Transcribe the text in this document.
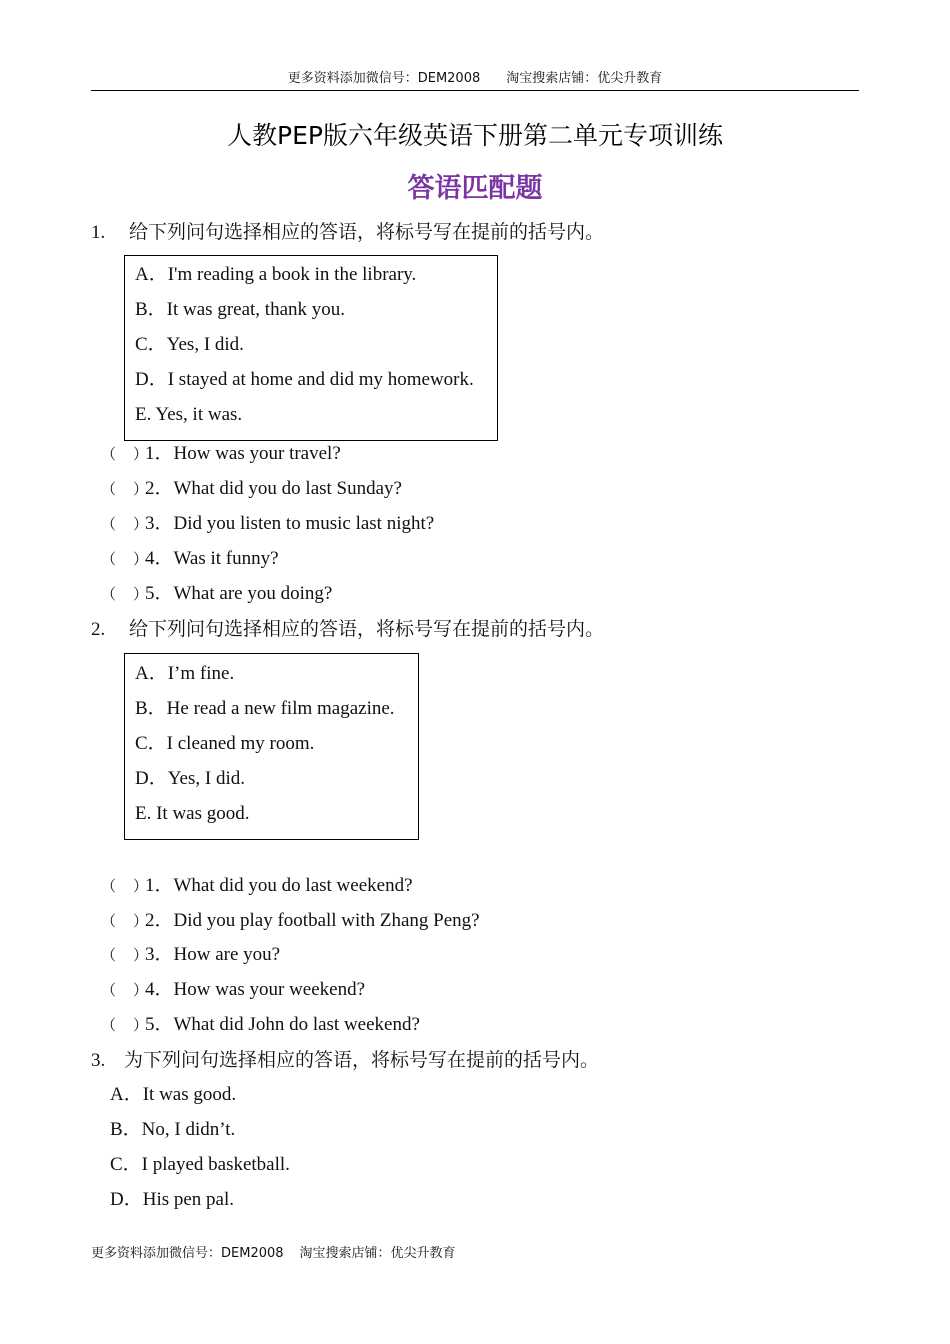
更多资料添加微信号：DEM2008 淘宝搜索店铺：优尖升教育
人教PEP版六年级英语下册第二单元专项训练
答语匹配题
1. 给下列问句选择相应的答语，将标号写在提前的括号内。
A．I'm reading a book in the library.
B．It was great, thank you.
C．Yes, I did.
D．I stayed at home and did my homework.
E. Yes, it was.
（ ）1．How was your travel?
（ ）2．What did you do last Sunday?
（ ）3．Did you listen to music last night?
（ ）4．Was it funny?
（ ）5．What are you doing?
2. 给下列问句选择相应的答语，将标号写在提前的括号内。
A．I’m fine.
B．He read a new film magazine.
C．I cleaned my room.
D．Yes, I did.
E. It was good.
（ ）1．What did you do last weekend?
（ ）2．Did you play football with Zhang Peng?
（ ）3．How are you?
（ ）4．How was your weekend?
（ ）5．What did John do last weekend?
3. 为下列问句选择相应的答语，将标号写在提前的括号内。
A．It was good.
B．No, I didn’t.
C．I played basketball.
D．His pen pal.
更多资料添加微信号：DEM2008 淘宝搜索店铺：优尖升教育
